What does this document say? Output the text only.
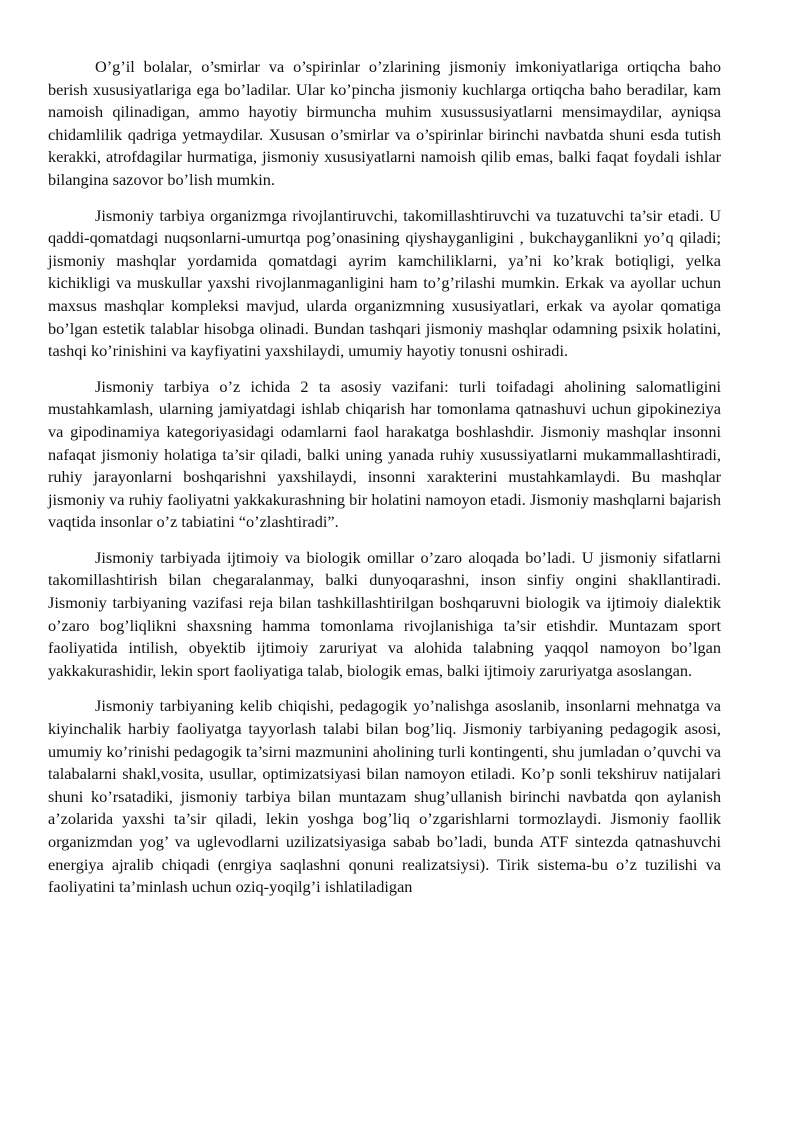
O’g’il bolalar, o’smirlar va o’spirinlar o’zlarining jismoniy imkoniyatlariga ortiqcha baho berish xususiyatlariga ega bo’ladilar. Ular ko’pincha jismoniy kuchlarga ortiqcha baho beradilar, kam namoish qilinadigan, ammo hayotiy birmuncha muhim xusussusiyatlarni mensimaydilar, ayniqsa chidamlilik qadriga yetmaydilar. Xususan o’smirlar va o’spirinlar birinchi navbatda shuni esda tutish kerakki, atrofdagilar hurmatiga, jismoniy xususiyatlarni namoish qilib emas, balki faqat foydali ishlar bilangina sazovor bo’lish mumkin.

Jismoniy tarbiya organizmga rivojlantiruvchi, takomillashtiruvchi va tuzatuvchi ta’sir etadi. U qaddi-qomatdagi nuqsonlarni-umurtqa pog’onasining qiyshayganligini , bukchayganlikni yo’q qiladi; jismoniy mashqlar yordamida qomatdagi ayrim kamchiliklarni, ya’ni ko’krak botiqligi, yelka kichikligi va muskullar yaxshi rivojlanmaganligini ham to’g’rilashi mumkin. Erkak va ayollar uchun maxsus mashqlar kompleksi mavjud, ularda organizmning xususiyatlari, erkak va ayolar qomatiga bo’lgan estetik talablar hisobga olinadi. Bundan tashqari jismoniy mashqlar odamning psixik holatini, tashqi ko’rinishini va kayfiyatini yaxshilaydi, umumiy hayotiy tonusni oshiradi.

Jismoniy tarbiya o’z ichida 2 ta asosiy vazifani: turli toifadagi aholining salomatligini mustahkamlash, ularning jamiyatdagi ishlab chiqarish har tomonlama qatnashuvi uchun gipokineziya va gipodinamiya kategoriyasidagi odamlarni faol harakatga boshlashdir. Jismoniy mashqlar insonni nafaqat jismoniy holatiga ta’sir qiladi, balki uning yanada ruhiy xusussiyatlarni mukammallashtiradi, ruhiy jarayonlarni boshqarishni yaxshilaydi, insonni xarakterini mustahkamlaydi. Bu mashqlar jismoniy va ruhiy faoliyatni yakkakurashning bir holatini namoyon etadi. Jismoniy mashqlarni bajarish vaqtida insonlar o’z tabiatini “o’zlashtiradi”.

Jismoniy tarbiyada ijtimoiy va biologik omillar o’zaro aloqada bo’ladi. U jismoniy sifatlarni takomillashtirish bilan chegaralanmay, balki dunyoqarashni, inson sinfiy ongini shakllantiradi. Jismoniy tarbiyaning vazifasi reja bilan tashkillashtirilgan boshqaruvni biologik va ijtimoiy dialektik o’zaro bog’liqlikni shaxsning hamma tomonlama rivojlanishiga ta’sir etishdir. Muntazam sport faoliyatida intilish, obyektib ijtimoiy zaruriyat va alohida talabning yaqqol namoyon bo’lgan yakkakurashidir, lekin sport faoliyatiga talab, biologik emas, balki ijtimoiy zaruriyatga asoslangan.

Jismoniy tarbiyaning kelib chiqishi, pedagogik yo’nalishga asoslanib, insonlarni mehnatga va kiyinchalik harbiy faoliyatga tayyorlash talabi bilan bog’liq. Jismoniy tarbiyaning pedagogik asosi, umumiy ko’rinishi pedagogik ta’sirni mazmunini aholining turli kontingenti, shu jumladan o’quvchi va talabalarni shakl,vosita, usullar, optimizatsiyasi bilan namoyon etiladi. Ko’p sonli tekshiruv natijalari shuni ko’rsatadiki, jismoniy tarbiya bilan muntazam shug’ullanish birinchi navbatda qon aylanish a’zolarida yaxshi ta’sir qiladi, lekin yoshga bog’liq o’zgarishlarni tormozlaydi. Jismoniy faollik organizmdan yog’ va uglevodlarni uzilizatsiyasiga sabab bo’ladi, bunda ATF sintezda qatnashuvchi energiya ajralib chiqadi (enrgiya saqlashni qonuni realizatsiysi). Tirik sistema-bu o’z tuzilishi va faoliyatini ta’minlash uchun oziq-yoqilg’i ishlatiladigan
